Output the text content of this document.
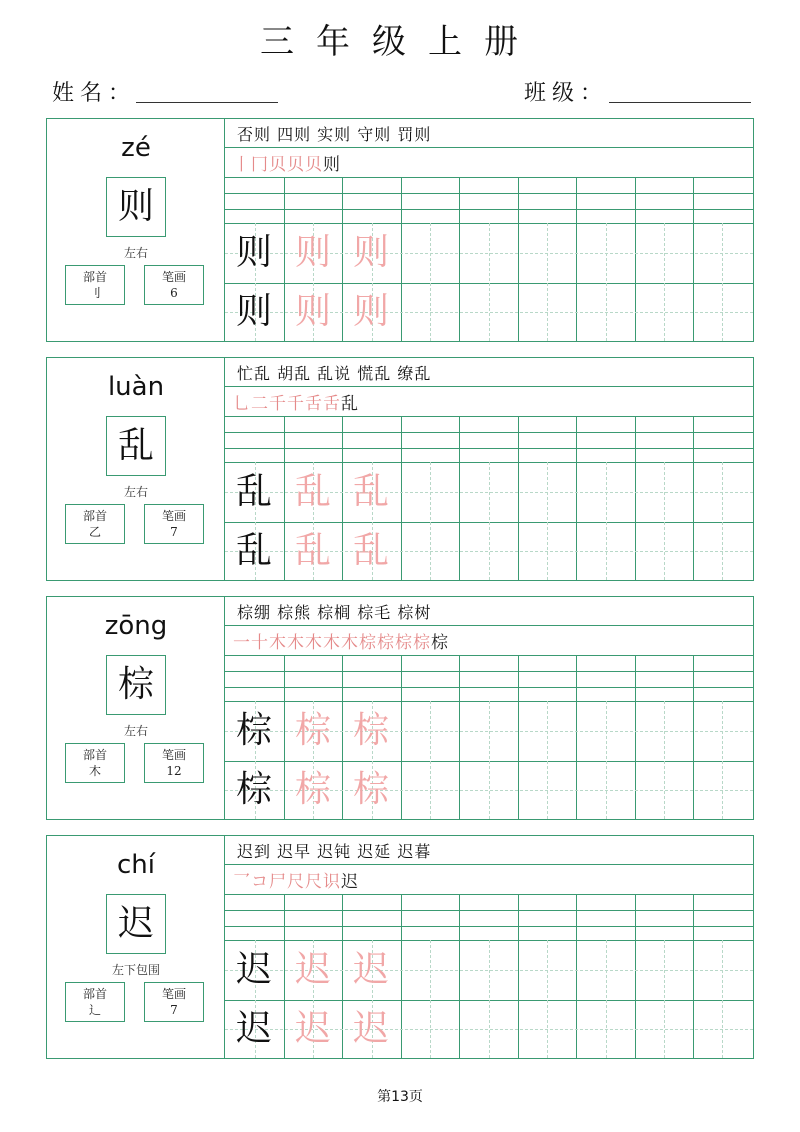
三年级上册
姓名：	班级：
zé
则
左右
部首
刂
笔画
6
否则 四则 实则 守则 罚则
丨冂贝贝贝则
则 则 则
则 则 则
luàn
乱
左右
部首
乙
笔画
7
忙乱 胡乱 乱说 慌乱 缭乱
乚二千千舌舌乱
乱 乱 乱
乱 乱 乱
zōng
棕
左右
部首
木
笔画
12
棕绷 棕熊 棕榈 棕毛 棕树
一十木木木木木棕棕棕棕棕
棕 棕 棕
棕 棕 棕
chí
迟
左下包围
部首
辶
笔画
7
迟到 迟早 迟钝 迟延 迟暮
乛コ尸尺尺识迟
迟 迟 迟
迟 迟 迟
第13页
